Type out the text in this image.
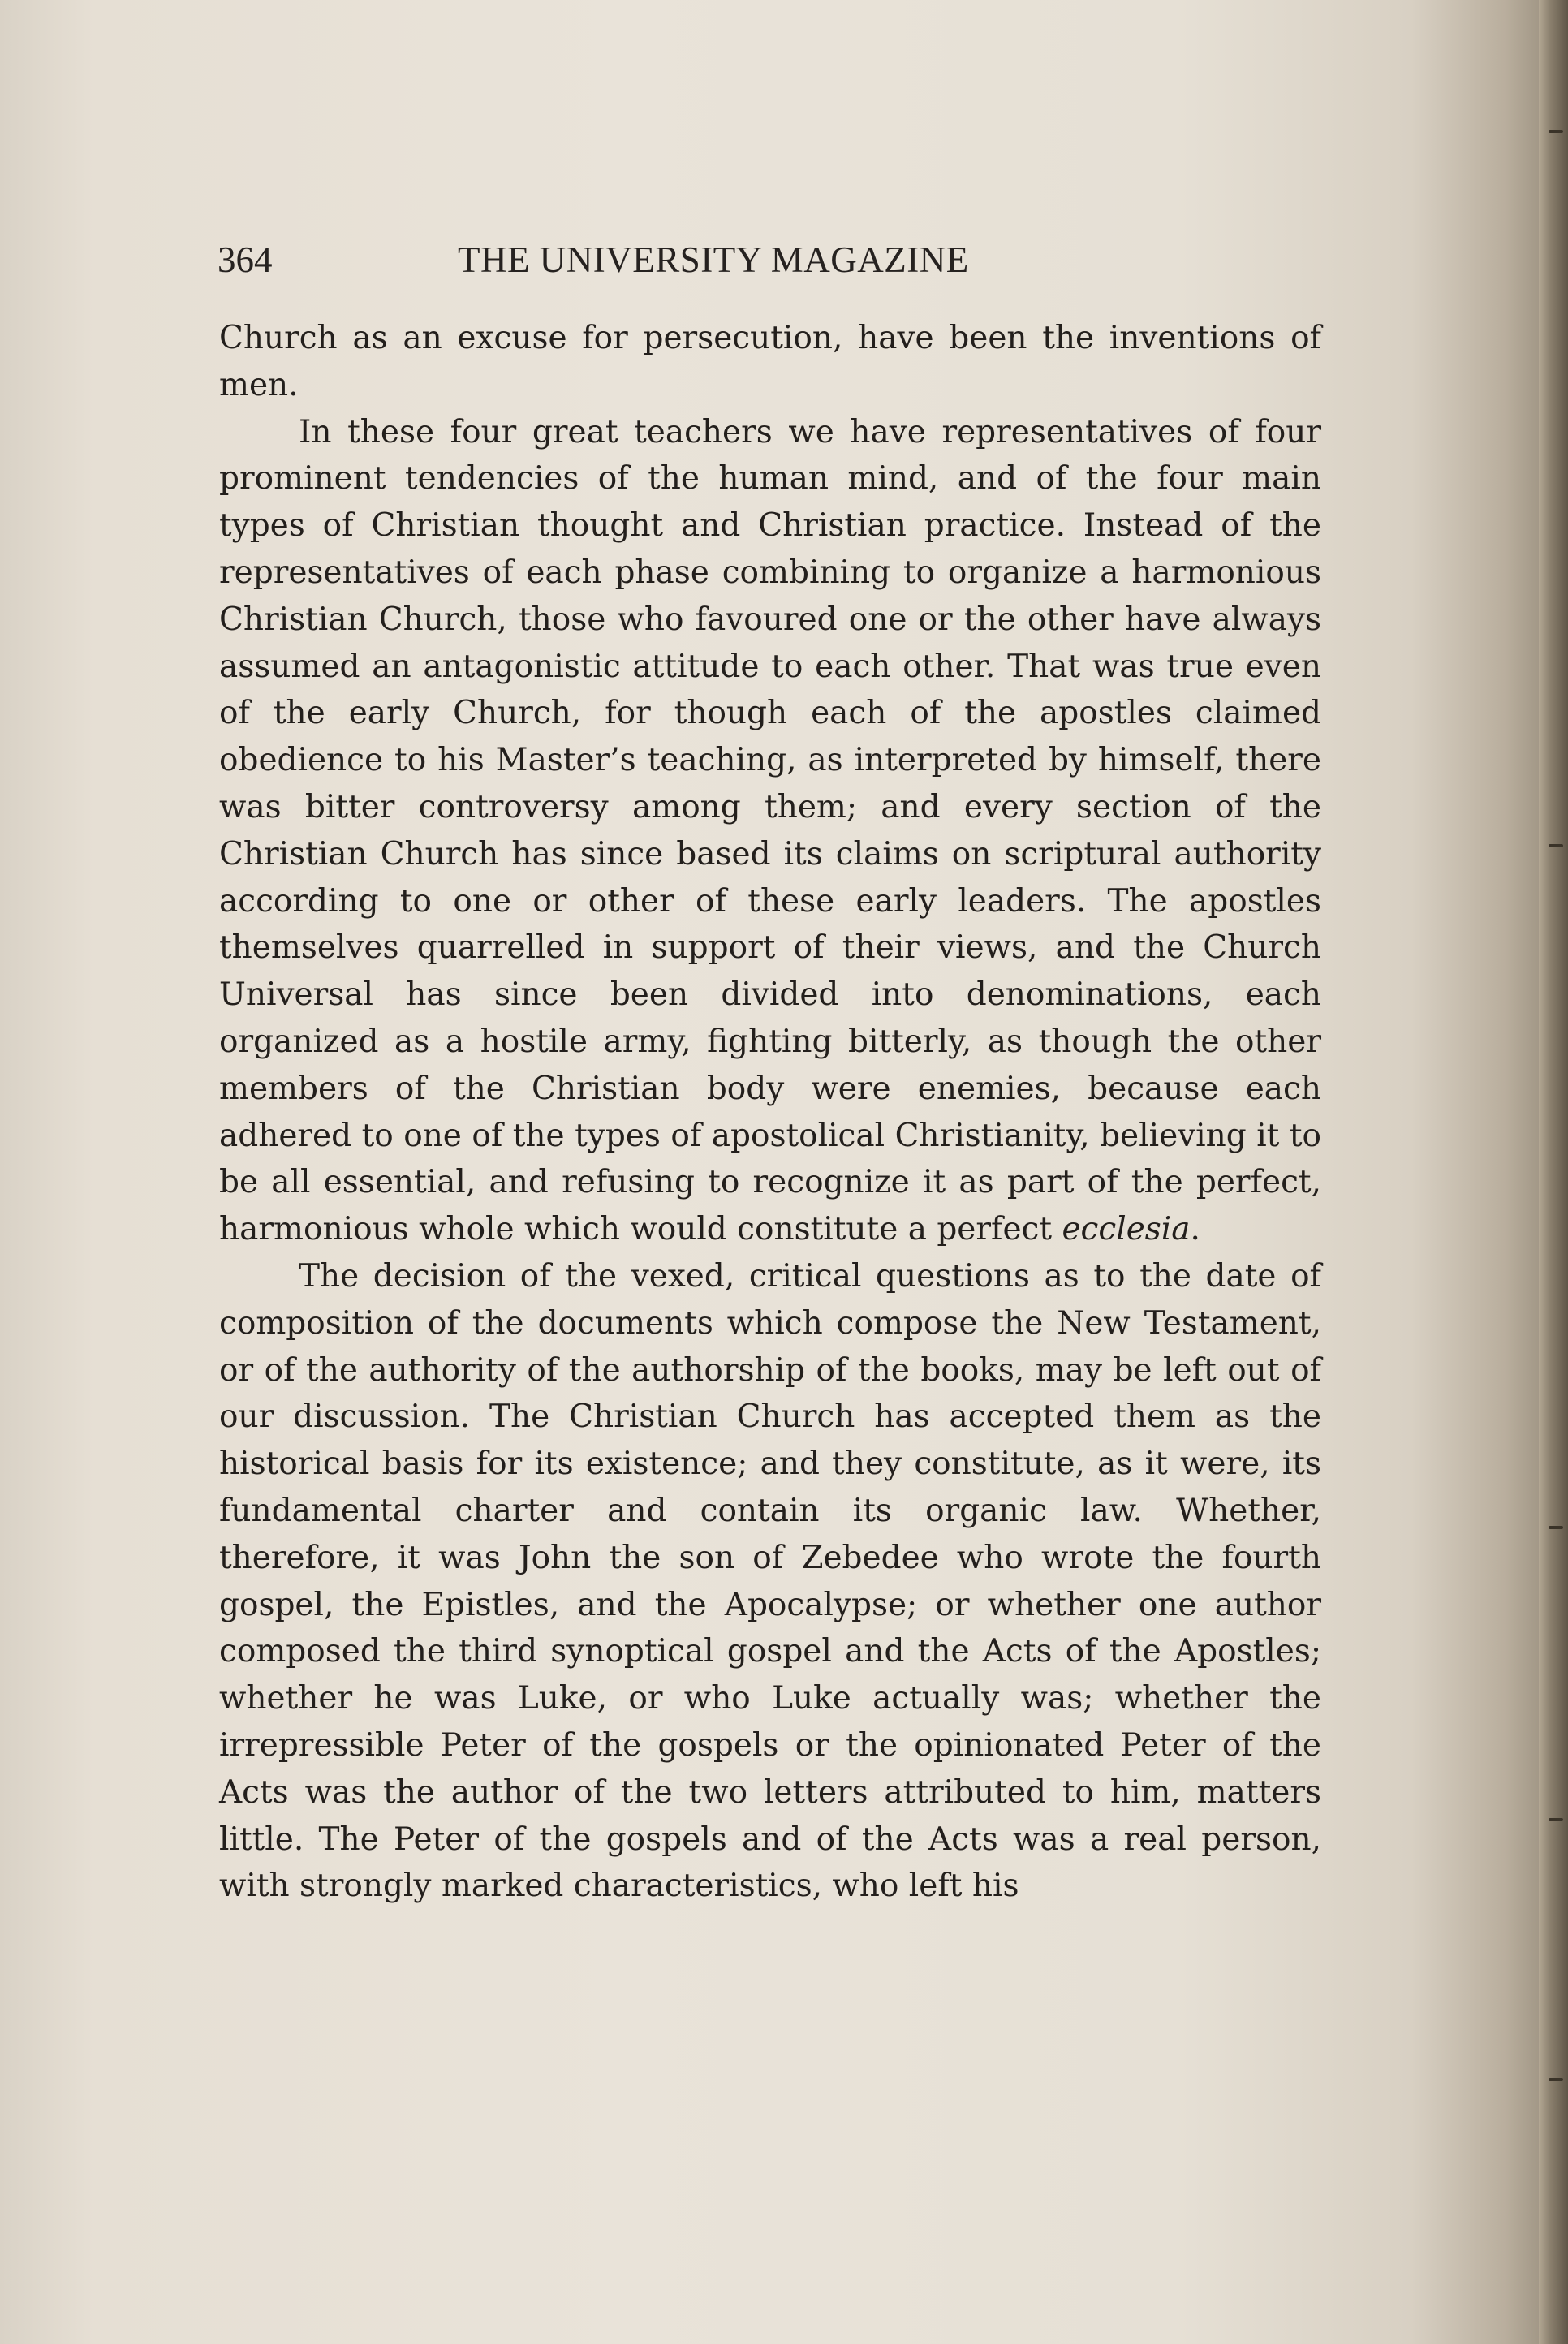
364	THE UNIVERSITY MAGAZINE

Church as an excuse for persecution, have been the inventions of men.

In these four great teachers we have representatives of four prominent tendencies of the human mind, and of the four main types of Christian thought and Christian practice. Instead of the representatives of each phase combining to organize a harmonious Christian Church, those who favoured one or the other have always assumed an antagonistic attitude to each other. That was true even of the early Church, for though each of the apostles claimed obedience to his Master’s teaching, as interpreted by himself, there was bitter controversy among them; and every section of the Christian Church has since based its claims on scriptural authority according to one or other of these early leaders. The apostles themselves quarrelled in support of their views, and the Church Universal has since been divided into denominations, each organized as a hostile army, fighting bitterly, as though the other members of the Christian body were enemies, because each adhered to one of the types of apostolical Christianity, believing it to be all essential, and refusing to recognize it as part of the perfect, harmonious whole which would constitute a perfect ecclesia.

The decision of the vexed, critical questions as to the date of composition of the documents which compose the New Testament, or of the authority of the authorship of the books, may be left out of our discussion. The Christian Church has accepted them as the historical basis for its existence; and they constitute, as it were, its fundamental charter and contain its organic law. Whether, therefore, it was John the son of Zebedee who wrote the fourth gospel, the Epistles, and the Apocalypse; or whether one author composed the third synoptical gospel and the Acts of the Apostles; whether he was Luke, or who Luke actually was; whether the irrepressible Peter of the gospels or the opinionated Peter of the Acts was the author of the two letters attributed to him, matters little. The Peter of the gospels and of the Acts was a real person, with strongly marked characteristics, who left his
